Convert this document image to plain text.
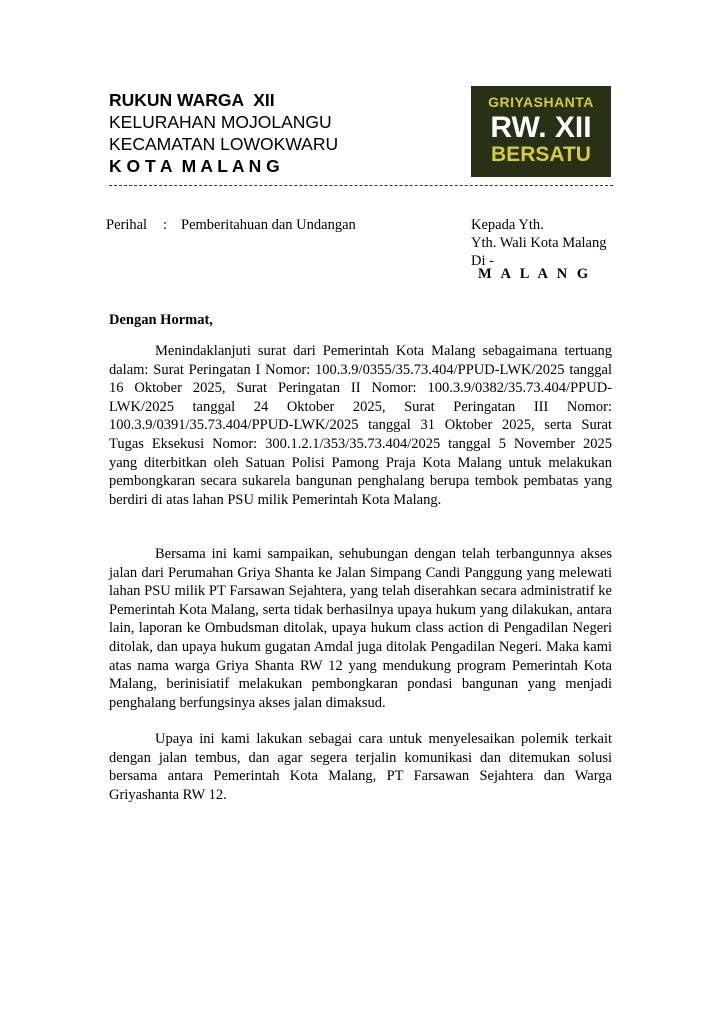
RUKUN WARGA  XII
KELURAHAN MOJOLANGU
KECAMATAN LOWOKWARU
K O T A  M A L A N G
GRIYASHANTA
RW. XII
BERSATU
Perihal : Pemberitahuan dan Undangan	Kepada Yth.
Yth. Wali Kota Malang
Di -
M A L A N G
Dengan Hormat,

Menindaklanjuti surat dari Pemerintah Kota Malang sebagaimana tertuang dalam: Surat Peringatan I Nomor: 100.3.9/0355/35.73.404/PPUD-LWK/2025 tanggal 16 Oktober 2025, Surat Peringatan II Nomor: 100.3.9/0382/35.73.404/PPUD-LWK/2025 tanggal 24 Oktober 2025, Surat Peringatan III Nomor: 100.3.9/0391/35.73.404/PPUD-LWK/2025 tanggal 31 Oktober 2025, serta Surat Tugas Eksekusi Nomor: 300.1.2.1/353/35.73.404/2025 tanggal 5 November 2025 yang diterbitkan oleh Satuan Polisi Pamong Praja Kota Malang untuk melakukan pembongkaran secara sukarela bangunan penghalang berupa tembok pembatas yang berdiri di atas lahan PSU milik Pemerintah Kota Malang.

Bersama ini kami sampaikan, sehubungan dengan telah terbangunnya akses jalan dari Perumahan Griya Shanta ke Jalan Simpang Candi Panggung yang melewati lahan PSU milik PT Farsawan Sejahtera, yang telah diserahkan secara administratif ke Pemerintah Kota Malang, serta tidak berhasilnya upaya hukum yang dilakukan, antara lain, laporan ke Ombudsman ditolak, upaya hukum class action di Pengadilan Negeri ditolak, dan upaya hukum gugatan Amdal juga ditolak Pengadilan Negeri. Maka kami atas nama warga Griya Shanta RW 12 yang mendukung program Pemerintah Kota Malang, berinisiatif melakukan pembongkaran pondasi bangunan yang menjadi penghalang berfungsinya akses jalan dimaksud.

Upaya ini kami lakukan sebagai cara untuk menyelesaikan polemik terkait dengan jalan tembus, dan agar segera terjalin komunikasi dan ditemukan solusi bersama antara Pemerintah Kota Malang, PT Farsawan Sejahtera dan Warga Griyashanta RW 12.
